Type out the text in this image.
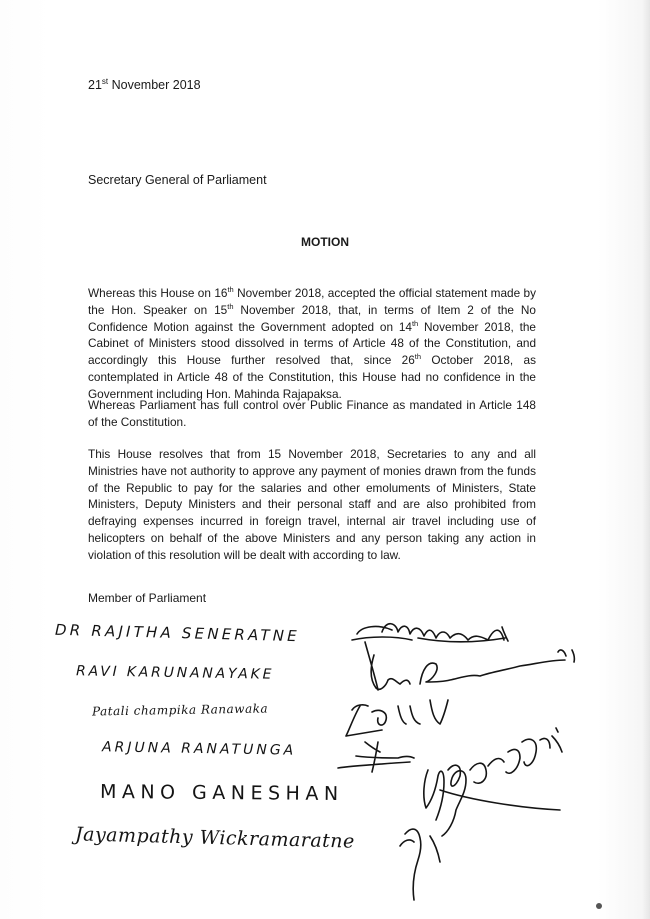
21st November 2018
Secretary General of Parliament
MOTION
Whereas this House on 16th November 2018, accepted the official statement made by the Hon. Speaker on 15th November 2018, that, in terms of Item 2 of the No Confidence Motion against the Government adopted on 14th November 2018, the Cabinet of Ministers stood dissolved in terms of Article 48 of the Constitution, and accordingly this House further resolved that, since 26th October 2018, as contemplated in Article 48 of the Constitution, this House had no confidence in the Government including Hon. Mahinda Rajapaksa.
Whereas Parliament has full control over Public Finance as mandated in Article 148 of the Constitution.
This House resolves that from 15 November 2018, Secretaries to any and all Ministries have not authority to approve any payment of monies drawn from the funds of the Republic to pay for the salaries and other emoluments of Ministers, State Ministers, Deputy Ministers and their personal staff and are also prohibited from defraying expenses incurred in foreign travel, internal air travel including use of helicopters on behalf of the above Ministers and any person taking any action in violation of this resolution will be dealt with according to law.
Member of Parliament
DR RAJITHA SENERATNE
RAVI KARUNANAYAKE
Patali champika Ranawaka
ARJUNA RANATUNGA
MANO GANESHAN
Jayampathy Wickramaratne
